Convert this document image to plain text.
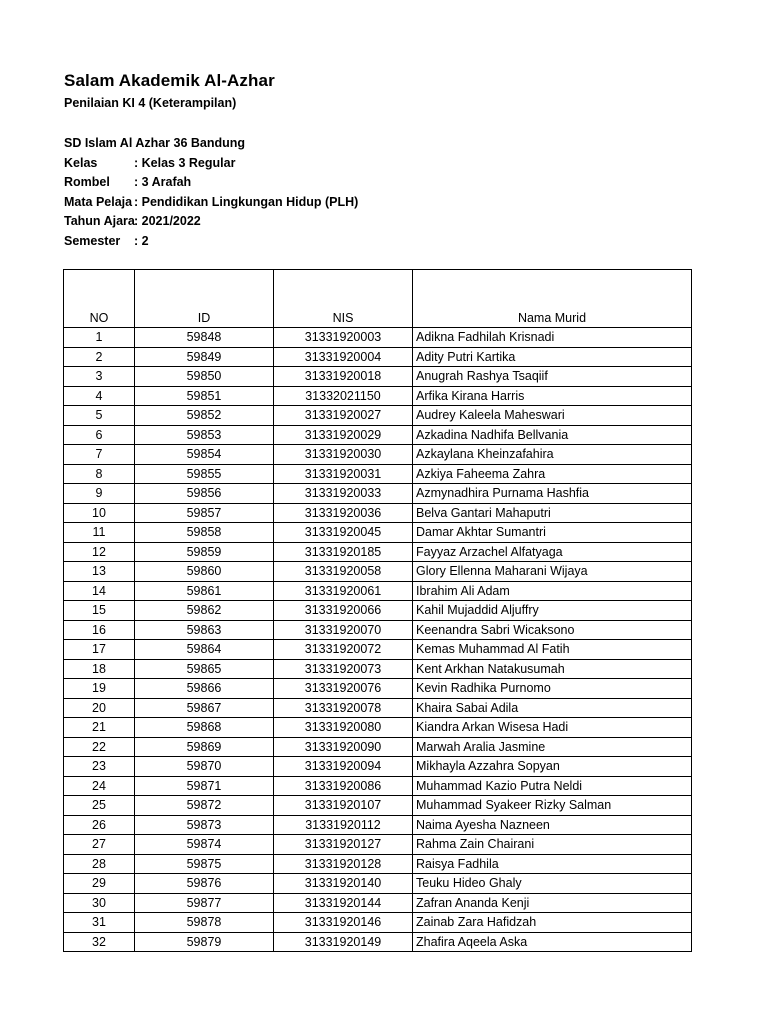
Salam Akademik Al-Azhar
Penilaian KI 4 (Keterampilan)
SD Islam Al Azhar 36 Bandung
Kelas	: Kelas 3 Regular
Rombel	: 3 Arafah
Mata Pelaja : Pendidikan Lingkungan Hidup (PLH)
Tahun Ajara : 2021/2022
Semester	: 2
NO	ID	NIS	Nama Murid
1	59848	31331920003	Adikna Fadhilah Krisnadi
2	59849	31331920004	Adity Putri Kartika
3	59850	31331920018	Anugrah Rashya Tsaqiif
4	59851	31332021150	Arfika Kirana Harris
5	59852	31331920027	Audrey Kaleela Maheswari
6	59853	31331920029	Azkadina Nadhifa Bellvania
7	59854	31331920030	Azkaylana Kheinzafahira
8	59855	31331920031	Azkiya Faheema Zahra
9	59856	31331920033	Azmynadhira Purnama Hashfia
10	59857	31331920036	Belva Gantari Mahaputri
11	59858	31331920045	Damar Akhtar Sumantri
12	59859	31331920185	Fayyaz Arzachel Alfatyaga
13	59860	31331920058	Glory Ellenna Maharani Wijaya
14	59861	31331920061	Ibrahim Ali Adam
15	59862	31331920066	Kahil Mujaddid Aljuffry
16	59863	31331920070	Keenandra Sabri Wicaksono
17	59864	31331920072	Kemas Muhammad Al Fatih
18	59865	31331920073	Kent Arkhan Natakusumah
19	59866	31331920076	Kevin Radhika Purnomo
20	59867	31331920078	Khaira Sabai Adila
21	59868	31331920080	Kiandra Arkan Wisesa Hadi
22	59869	31331920090	Marwah Aralia Jasmine
23	59870	31331920094	Mikhayla Azzahra Sopyan
24	59871	31331920086	Muhammad Kazio Putra Neldi
25	59872	31331920107	Muhammad Syakeer Rizky Salman
26	59873	31331920112	Naima Ayesha Nazneen
27	59874	31331920127	Rahma Zain Chairani
28	59875	31331920128	Raisya Fadhila
29	59876	31331920140	Teuku Hideo Ghaly
30	59877	31331920144	Zafran Ananda Kenji
31	59878	31331920146	Zainab Zara Hafidzah
32	59879	31331920149	Zhafira Aqeela Aska
